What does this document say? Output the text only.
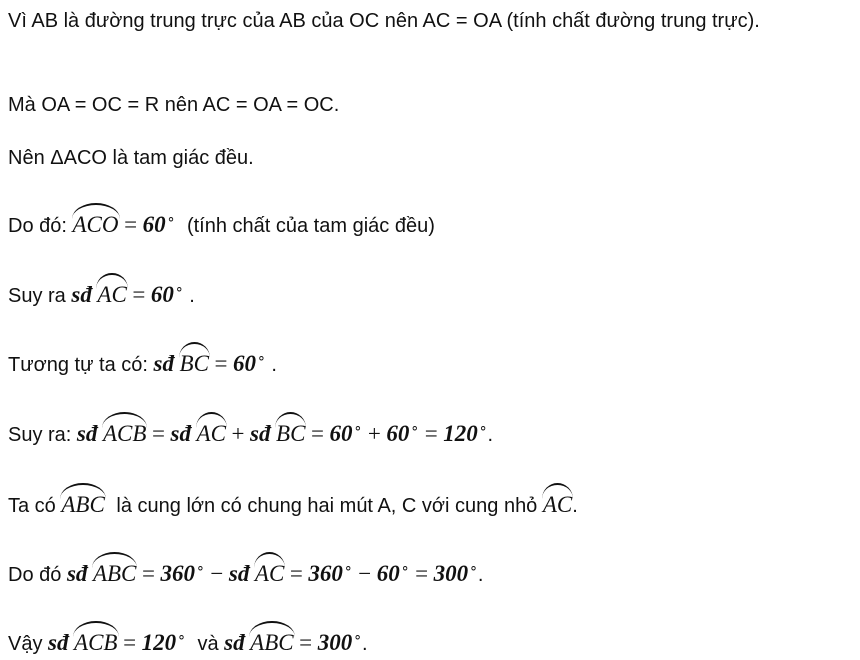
Vì AB là đường trung trực của AB của OC nên AC = OA (tính chất đường trung trực).
Mà OA = OC = R nên AC = OA = OC.
Nên ΔACO là tam giác đều.
Do đó: ACO = 60∘ (tính chất của tam giác đều)
Suy ra sđ AC = 60∘ .
Tương tự ta có: sđ BC = 60∘ .
Suy ra: sđ ACB = sđ AC + sđ BC = 60∘ + 60∘ = 120∘.
Ta có ABC là cung lớn có chung hai mút A, C với cung nhỏ AC.
Do đó sđ ABC = 360∘ − sđ AC = 360∘ − 60∘ = 300∘.
Vậy sđ ACB = 120∘ và sđ ABC = 300∘.
